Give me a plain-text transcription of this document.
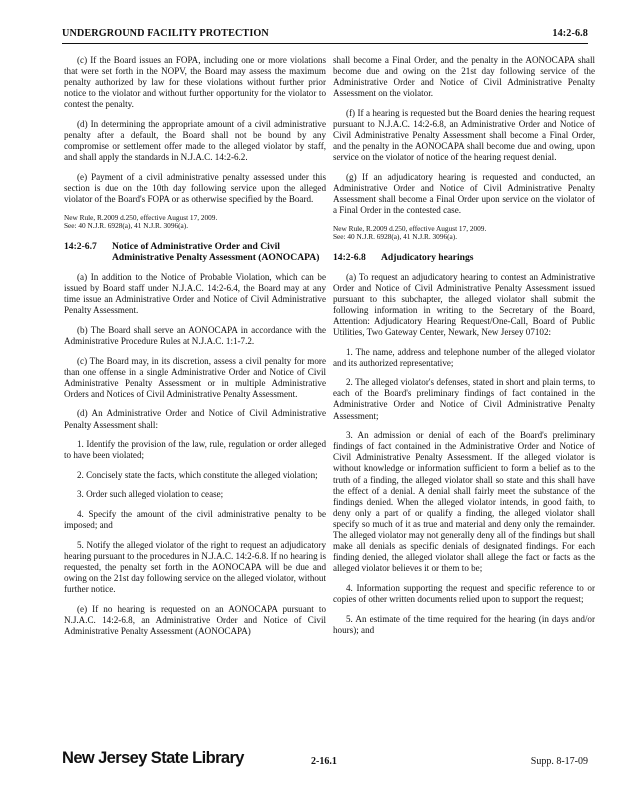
UNDERGROUND FACILITY PROTECTION	14:2-6.8

(c) If the Board issues an FOPA, including one or more violations that were set forth in the NOPV, the Board may assess the maximum penalty authorized by law for these violations without further prior notice to the violator and without further opportunity for the violator to contest the penalty.

(d) In determining the appropriate amount of a civil administrative penalty after a default, the Board shall not be bound by any compromise or settlement offer made to the alleged violator by staff, and shall apply the standards in N.J.A.C. 14:2-6.2.

(e) Payment of a civil administrative penalty assessed under this section is due on the 10th day following service upon the alleged violator of the Board's FOPA or as otherwise specified by the Board.

New Rule, R.2009 d.250, effective August 17, 2009.
See: 40 N.J.R. 6928(a), 41 N.J.R. 3096(a).

14:2-6.7	Notice of Administrative Order and Civil Administrative Penalty Assessment (AONOCAPA)

(a) In addition to the Notice of Probable Violation, which can be issued by Board staff under N.J.A.C. 14:2-6.4, the Board may at any time issue an Administrative Order and Notice of Civil Administrative Penalty Assessment.

(b) The Board shall serve an AONOCAPA in accordance with the Administrative Procedure Rules at N.J.A.C. 1:1-7.2.

(c) The Board may, in its discretion, assess a civil penalty for more than one offense in a single Administrative Order and Notice of Civil Administrative Penalty Assessment or in multiple Administrative Orders and Notices of Civil Administrative Penalty Assessment.

(d) An Administrative Order and Notice of Civil Administrative Penalty Assessment shall:

1. Identify the provision of the law, rule, regulation or order alleged to have been violated;

2. Concisely state the facts, which constitute the alleged violation;

3. Order such alleged violation to cease;

4. Specify the amount of the civil administrative penalty to be imposed; and

5. Notify the alleged violator of the right to request an adjudicatory hearing pursuant to the procedures in N.J.A.C. 14:2-6.8. If no hearing is requested, the penalty set forth in the AONOCAPA will be due and owing on the 21st day following service on the alleged violator, without further notice.

(e) If no hearing is requested on an AONOCAPA pursuant to N.J.A.C. 14:2-6.8, an Administrative Order and Notice of Civil Administrative Penalty Assessment (AONOCAPA)

shall become a Final Order, and the penalty in the AONOCAPA shall become due and owing on the 21st day following service of the Administrative Order and Notice of Civil Administrative Penalty Assessment on the violator.

(f) If a hearing is requested but the Board denies the hearing request pursuant to N.J.A.C. 14:2-6.8, an Administrative Order and Notice of Civil Administrative Penalty Assessment shall become a Final Order, and the penalty in the AONOCAPA shall become due and owing, upon service on the violator of notice of the hearing request denial.

(g) If an adjudicatory hearing is requested and conducted, an Administrative Order and Notice of Civil Administrative Penalty Assessment shall become a Final Order upon service on the violator of a Final Order in the contested case.

New Rule, R.2009 d.250, effective August 17, 2009.
See: 40 N.J.R. 6928(a), 41 N.J.R. 3096(a).

14:2-6.8	Adjudicatory hearings

(a) To request an adjudicatory hearing to contest an Administrative Order and Notice of Civil Administrative Penalty Assessment issued pursuant to this subchapter, the alleged violator shall submit the following information in writing to the Secretary of the Board, Attention: Adjudicatory Hearing Request/One-Call, Board of Public Utilities, Two Gateway Center, Newark, New Jersey 07102:

1. The name, address and telephone number of the alleged violator and its authorized representative;

2. The alleged violator's defenses, stated in short and plain terms, to each of the Board's preliminary findings of fact contained in the Administrative Order and Notice of Civil Administrative Penalty Assessment;

3. An admission or denial of each of the Board's preliminary findings of fact contained in the Administrative Order and Notice of Civil Administrative Penalty Assessment. If the alleged violator is without knowledge or information sufficient to form a belief as to the truth of a finding, the alleged violator shall so state and this shall have the effect of a denial. A denial shall fairly meet the substance of the findings denied. When the alleged violator intends, in good faith, to deny only a part of or qualify a finding, the alleged violator shall specify so much of it as true and material and deny only the remainder. The alleged violator may not generally deny all of the findings but shall make all denials as specific denials of designated findings. For each finding denied, the alleged violator shall allege the fact or facts as the alleged violator believes it or them to be;

4. Information supporting the request and specific reference to or copies of other written documents relied upon to support the request;

5. An estimate of the time required for the hearing (in days and/or hours); and

New Jersey State Library	2-16.1	Supp. 8-17-09
